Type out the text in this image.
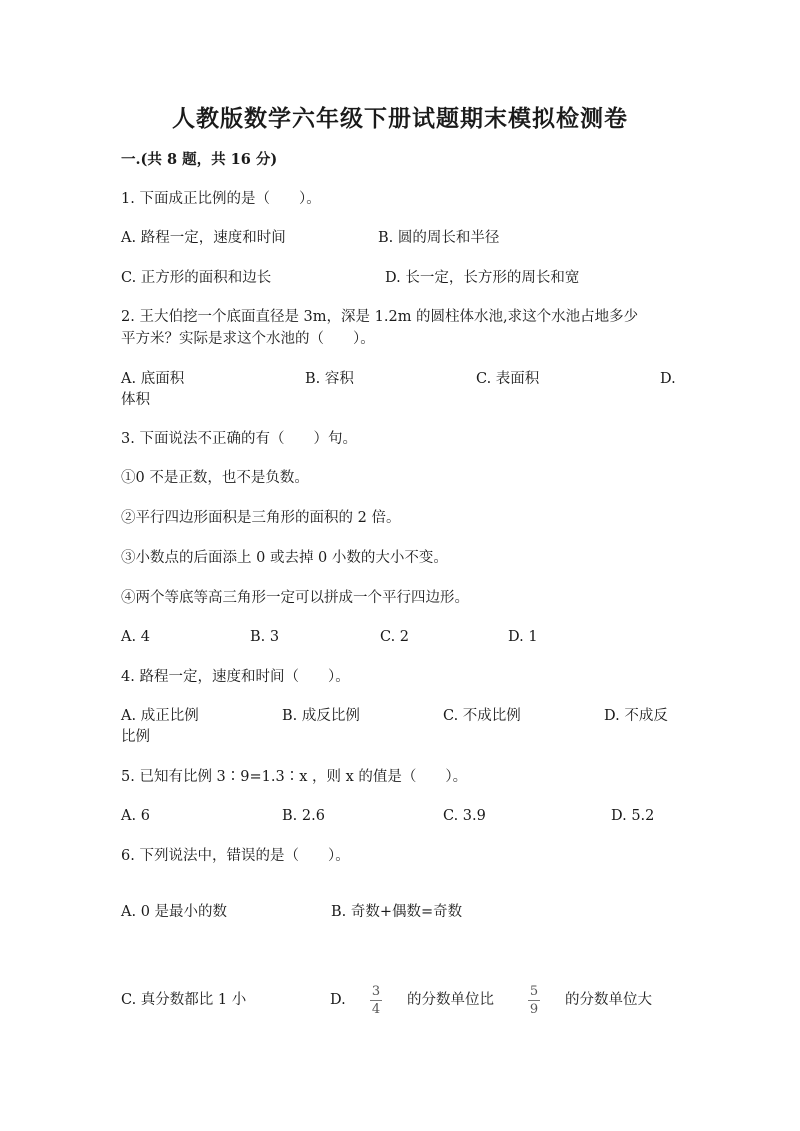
人教版数学六年级下册试题期末模拟检测卷
一.(共 8 题，共 16 分)
1. 下面成正比例的是（　　）。
A. 路程一定，速度和时间	B. 圆的周长和半径
C. 正方形的面积和边长	D. 长一定，长方形的周长和宽
2. 王大伯挖一个底面直径是 3m，深是 1.2m 的圆柱体水池,求这个水池占地多少
平方米？实际是求这个水池的（　　）。
A. 底面积	B. 容积	C. 表面积	D.
体积
3. 下面说法不正确的有（　　）句。
①0 不是正数，也不是负数。
②平行四边形面积是三角形的面积的 2 倍。
③小数点的后面添上 0 或去掉 0 小数的大小不变。
④两个等底等高三角形一定可以拼成一个平行四边形。
A. 4	B. 3	C. 2	D. 1
4. 路程一定，速度和时间（　　）。
A. 成正比例	B. 成反比例	C. 不成比例	D. 不成反
比例
5. 已知有比例 3∶9=1.3∶x ，则 x 的值是（　　）。
A. 6	B. 2.6	C. 3.9	D. 5.2
6. 下列说法中，错误的是（　　）。
A. 0 是最小的数	B. 奇数+偶数=奇数
C. 真分数都比 1 小	D.
3
4
的分数单位比
5
9
的分数单位大
